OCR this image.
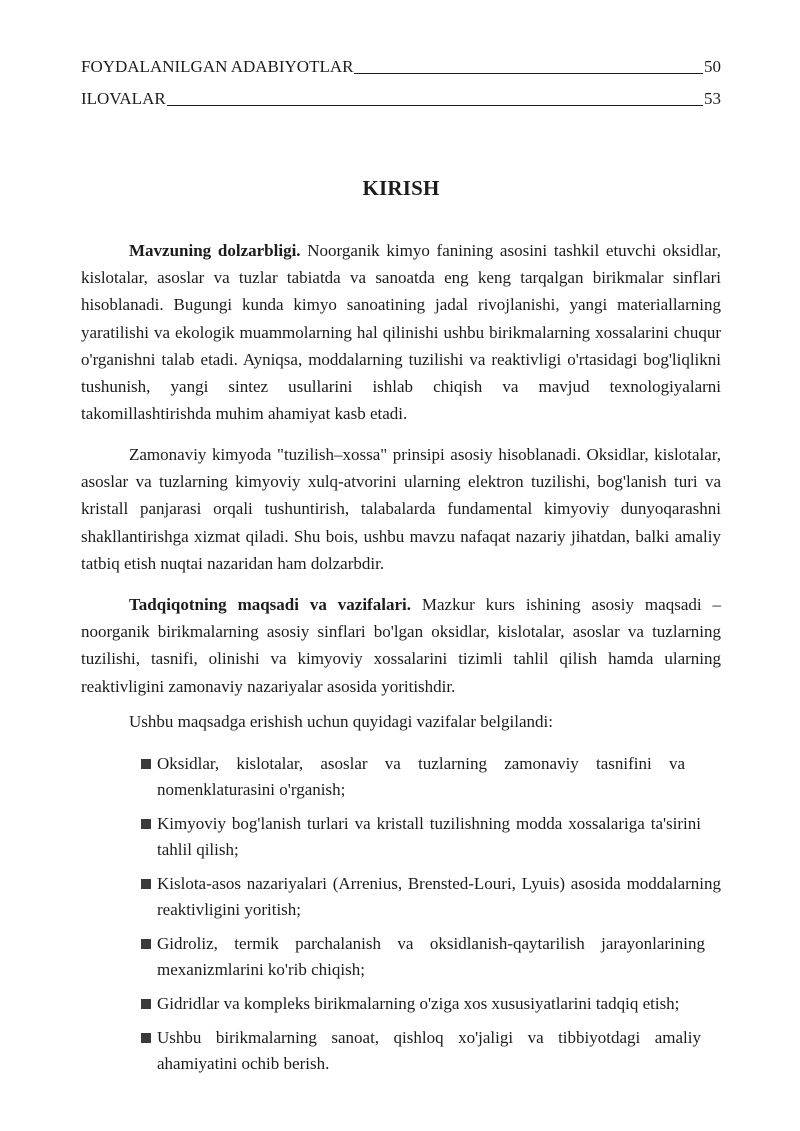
FOYDALANILGAN ADABIYOTLAR	50
ILOVALAR	53
KIRISH

Mavzuning dolzarbligi. Noorganik kimyo fanining asosini tashkil etuvchi oksidlar, kislotalar, asoslar va tuzlar tabiatda va sanoatda eng keng tarqalgan birikmalar sinflari hisoblanadi. Bugungi kunda kimyo sanoatining jadal rivojlanishi, yangi materiallarning yaratilishi va ekologik muammolarning hal qilinishi ushbu birikmalarning xossalarini chuqur o'rganishni talab etadi. Ayniqsa, moddalarning tuzilishi va reaktivligi o'rtasidagi bog'liqlikni tushunish, yangi sintez usullarini ishlab chiqish va mavjud texnologiyalarni takomillashtirishda muhim ahamiyat kasb etadi.

Zamonaviy kimyoda "tuzilish–xossa" prinsipi asosiy hisoblanadi. Oksidlar, kislotalar, asoslar va tuzlarning kimyoviy xulq-atvorini ularning elektron tuzilishi, bog'lanish turi va kristall panjarasi orqali tushuntirish, talabalarda fundamental kimyoviy dunyoqarashni shakllantirishga xizmat qiladi. Shu bois, ushbu mavzu nafaqat nazariy jihatdan, balki amaliy tatbiq etish nuqtai nazaridan ham dolzarbdir.

Tadqiqotning maqsadi va vazifalari. Mazkur kurs ishining asosiy maqsadi – noorganik birikmalarning asosiy sinflari bo'lgan oksidlar, kislotalar, asoslar va tuzlarning tuzilishi, tasnifi, olinishi va kimyoviy xossalarini tizimli tahlil qilish hamda ularning reaktivligini zamonaviy nazariyalar asosida yoritishdir.

Ushbu maqsadga erishish uchun quyidagi vazifalar belgilandi:

Oksidlar, kislotalar, asoslar va tuzlarning zamonaviy tasnifini va nomenklaturasini o'rganish;
Kimyoviy bog'lanish turlari va kristall tuzilishning modda xossalariga ta'sirini tahlil qilish;
Kislota-asos nazariyalari (Arrenius, Brensted-Louri, Lyuis) asosida moddalarning reaktivligini yoritish;
Gidroliz, termik parchalanish va oksidlanish-qaytarilish jarayonlarining mexanizmlarini ko'rib chiqish;
Gidridlar va kompleks birikmalarning o'ziga xos xususiyatlarini tadqiq etish;
Ushbu birikmalarning sanoat, qishloq xo'jaligi va tibbiyotdagi amaliy ahamiyatini ochib berish.
